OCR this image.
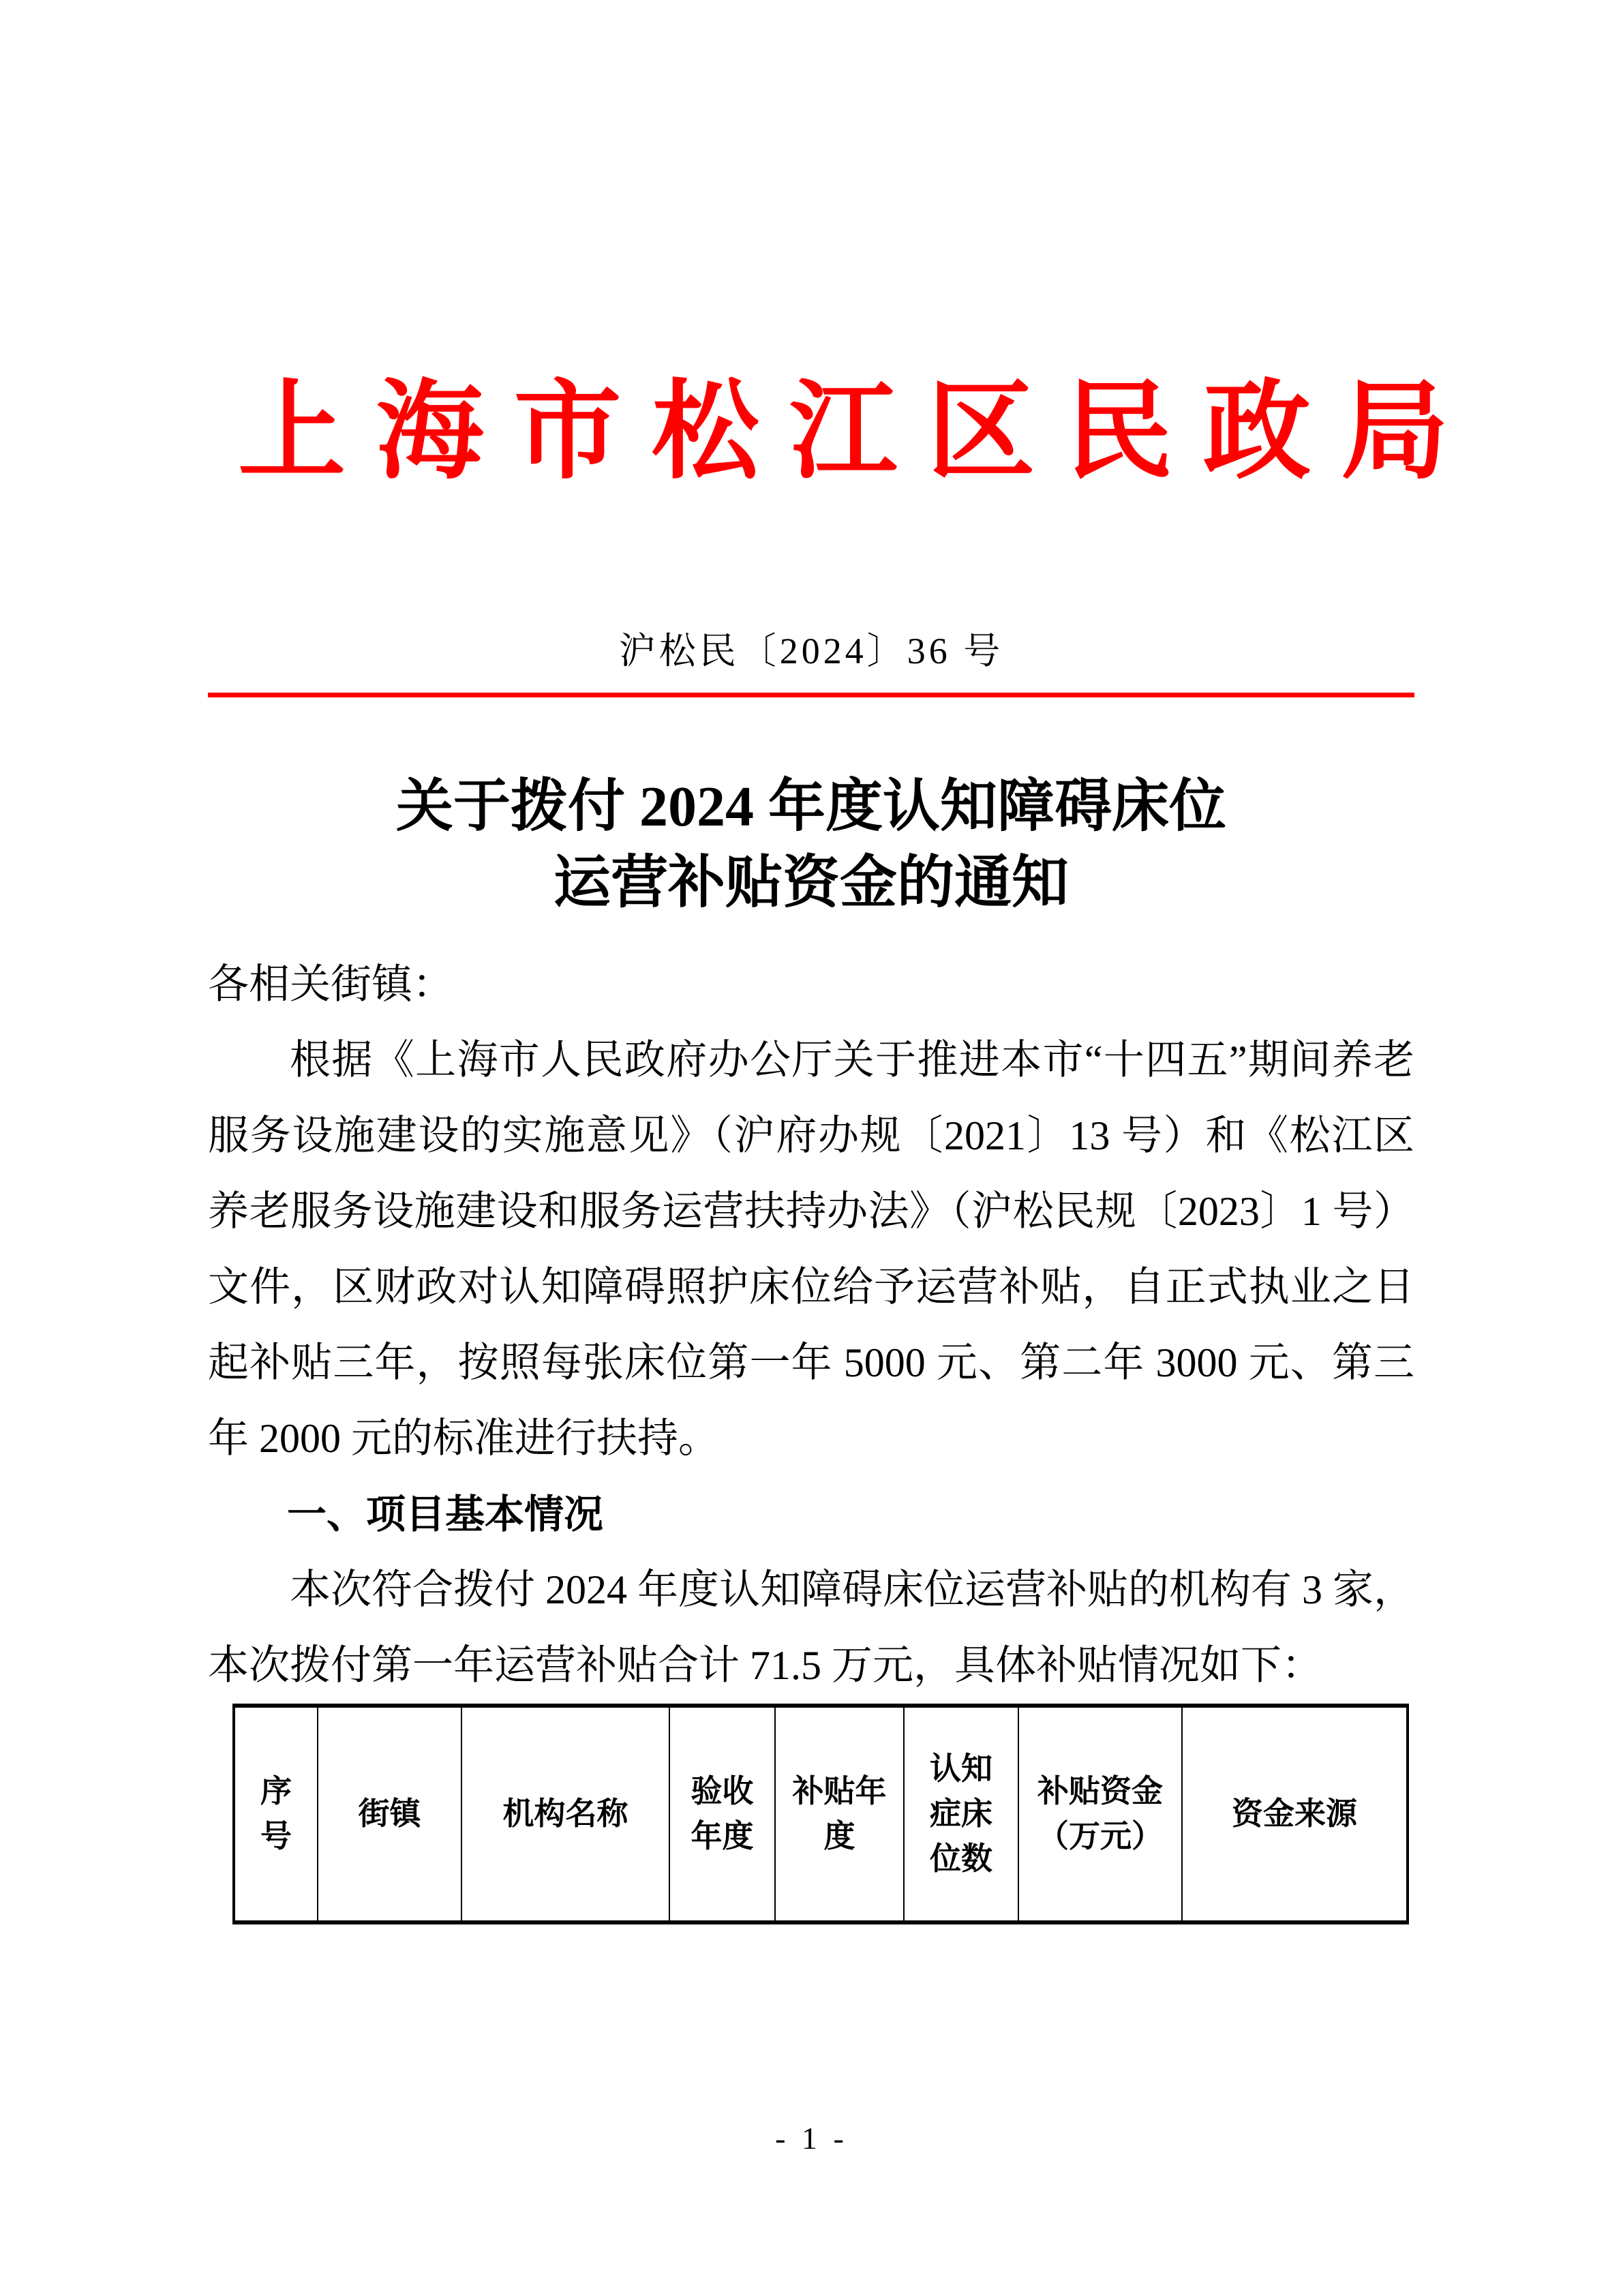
上海市松江区民政局
沪松民〔2024〕36 号
关于拨付 2024 年度认知障碍床位
运营补贴资金的通知

各相关街镇：

根据《上海市人民政府办公厅关于推进本市“十四五”期间养老服务设施建设的实施意见》（沪府办规〔2021〕13 号）和《松江区养老服务设施建设和服务运营扶持办法》（沪松民规〔2023〕1 号）文件，区财政对认知障碍照护床位给予运营补贴，自正式执业之日起补贴三年，按照每张床位第一年 5000 元、第二年 3000 元、第三年 2000 元的标准进行扶持。

一、项目基本情况

本次符合拨付 2024 年度认知障碍床位运营补贴的机构有 3 家，本次拨付第一年运营补贴合计 71.5 万元，具体补贴情况如下：

序号	街镇	机构名称	验收年度	补贴年度	认知症床位数	补贴资金（万元）	资金来源
- 1 -
